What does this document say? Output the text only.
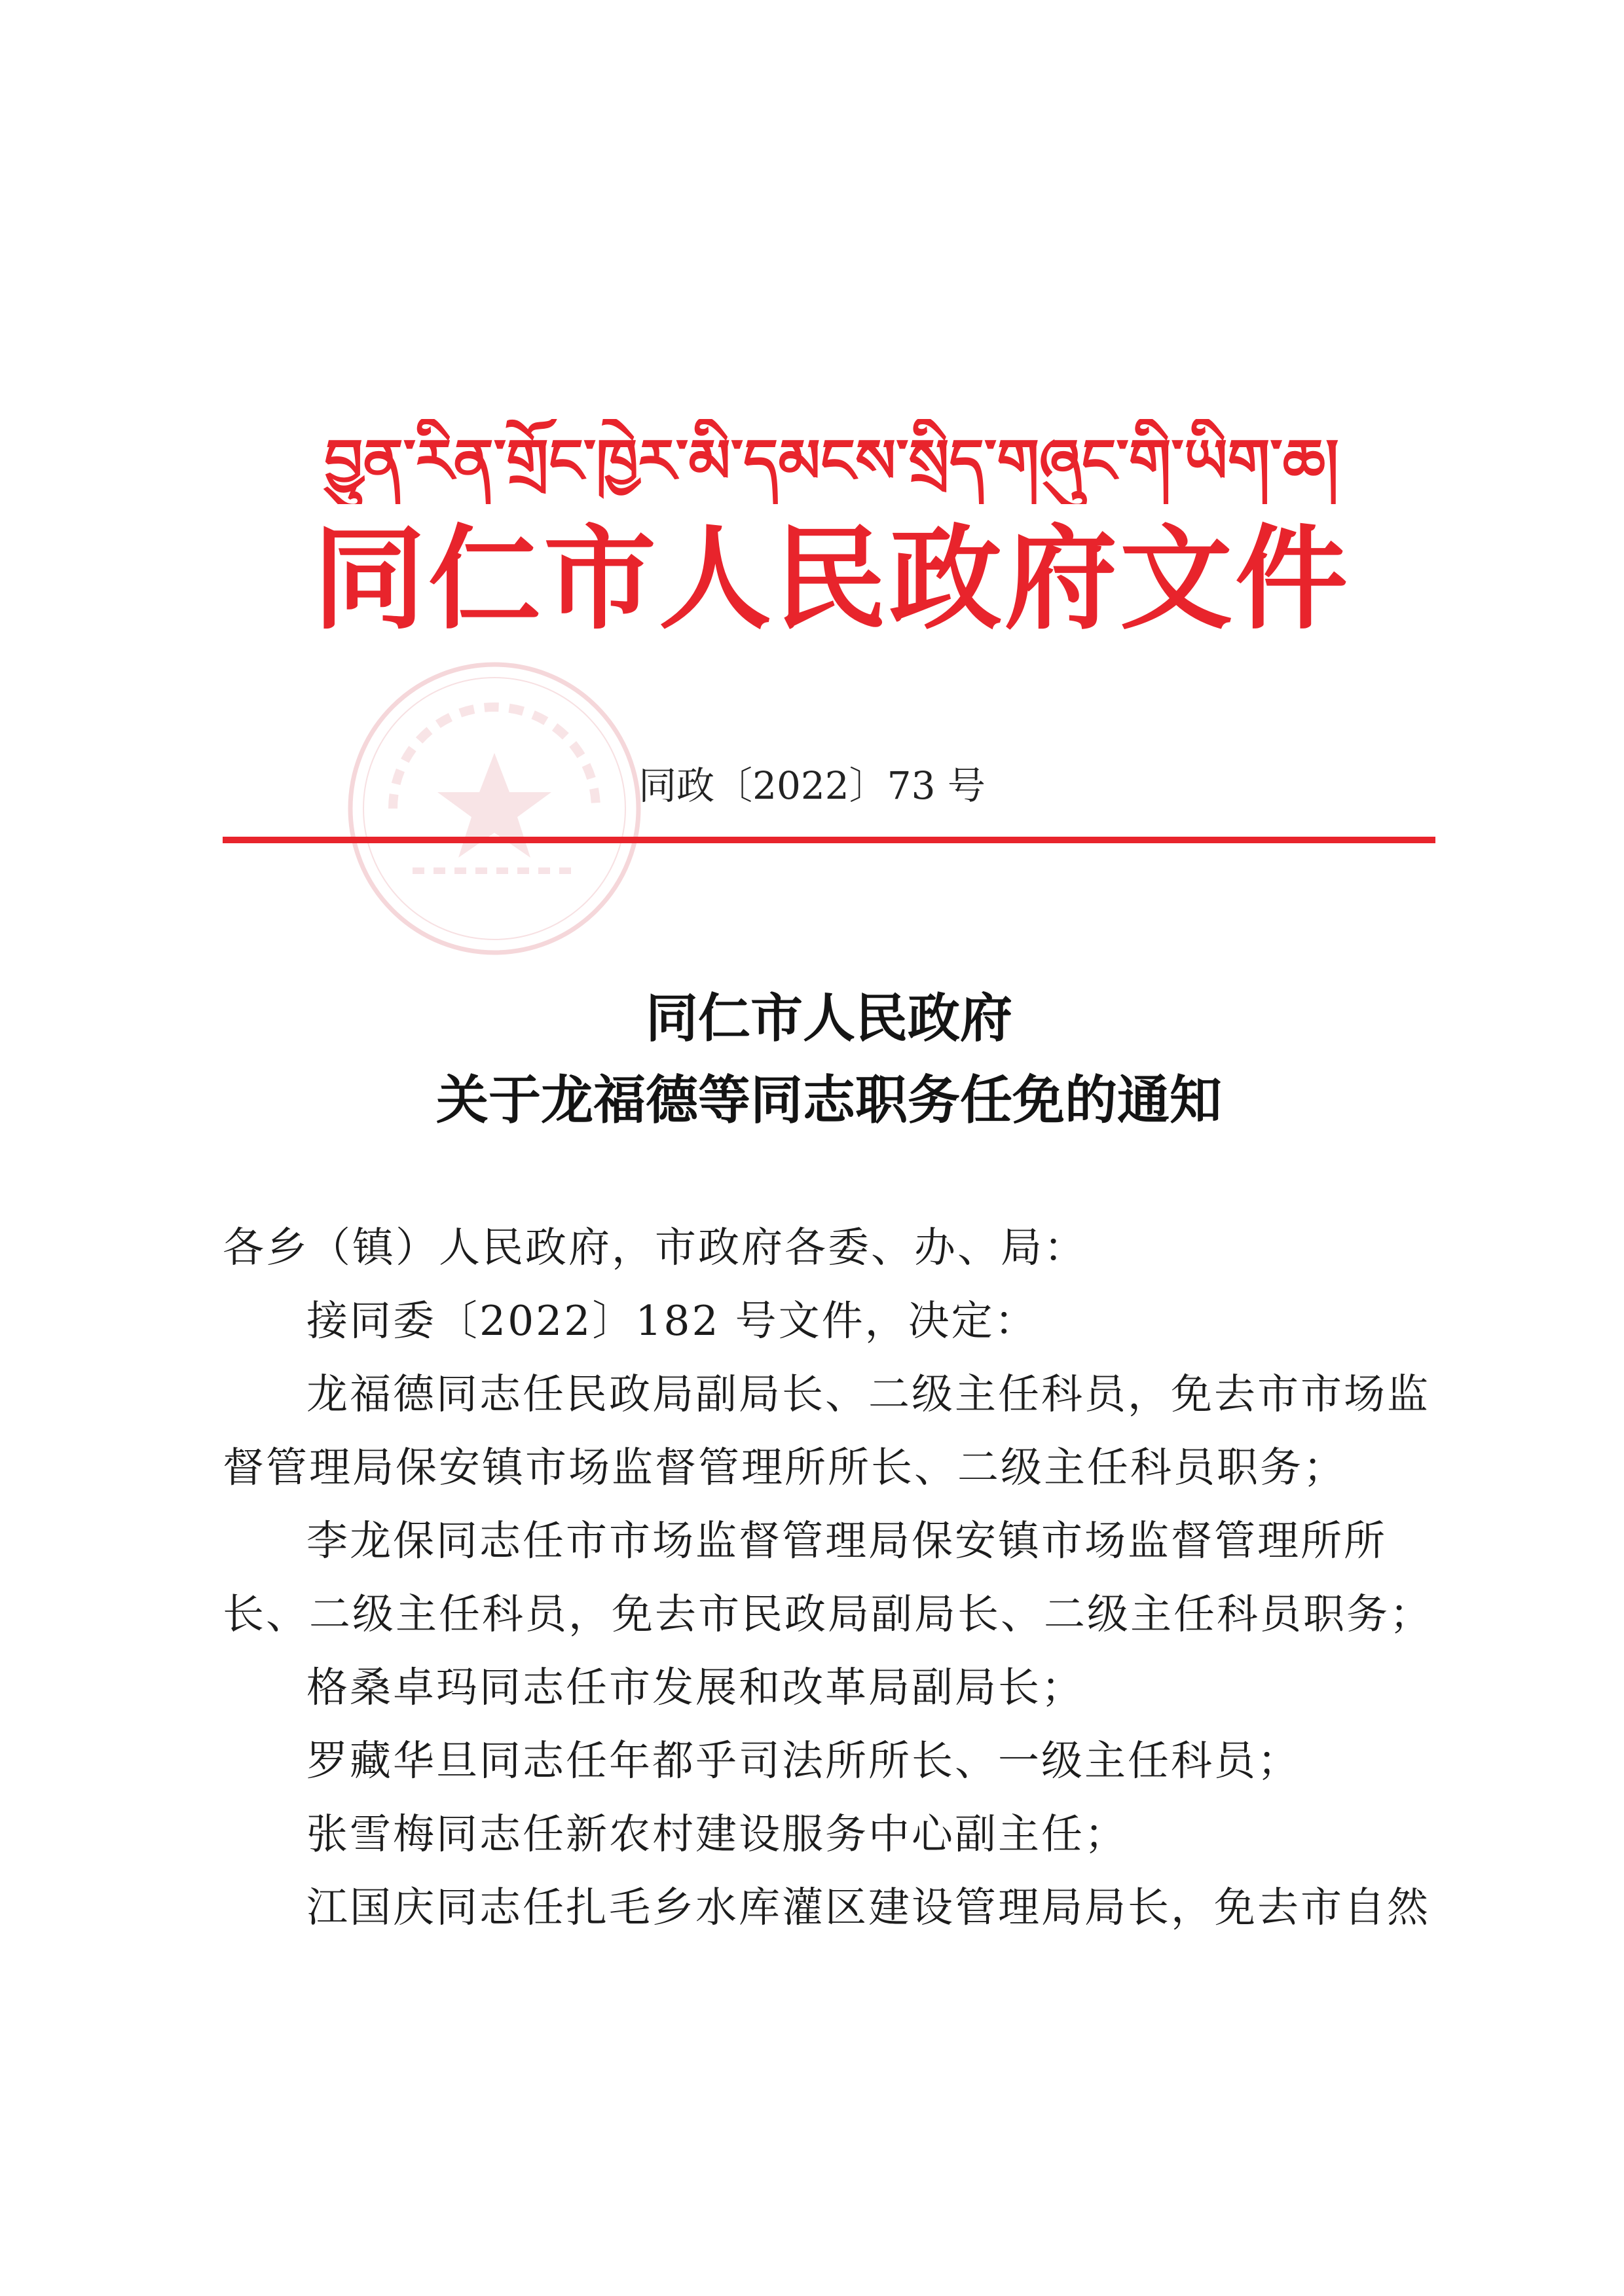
བྱུན་རིན་གྲོང་ཁྱེར་མི་དམངས་སྲིད་གཞུང་གི་ཡིག་ཆ།
同仁市人民政府文件
同政〔2022〕73 号
同仁市人民政府
关于龙福德等同志职务任免的通知

各乡（镇）人民政府，市政府各委、办、局：

接同委〔2022〕182 号文件，决定：

龙福德同志任民政局副局长、二级主任科员，免去市市场监

督管理局保安镇市场监督管理所所长、二级主任科员职务；

李龙保同志任市市场监督管理局保安镇市场监督管理所所

长、二级主任科员，免去市民政局副局长、二级主任科员职务；

格桑卓玛同志任市发展和改革局副局长；

罗藏华旦同志任年都乎司法所所长、一级主任科员；

张雪梅同志任新农村建设服务中心副主任；

江国庆同志任扎毛乡水库灌区建设管理局局长，免去市自然
